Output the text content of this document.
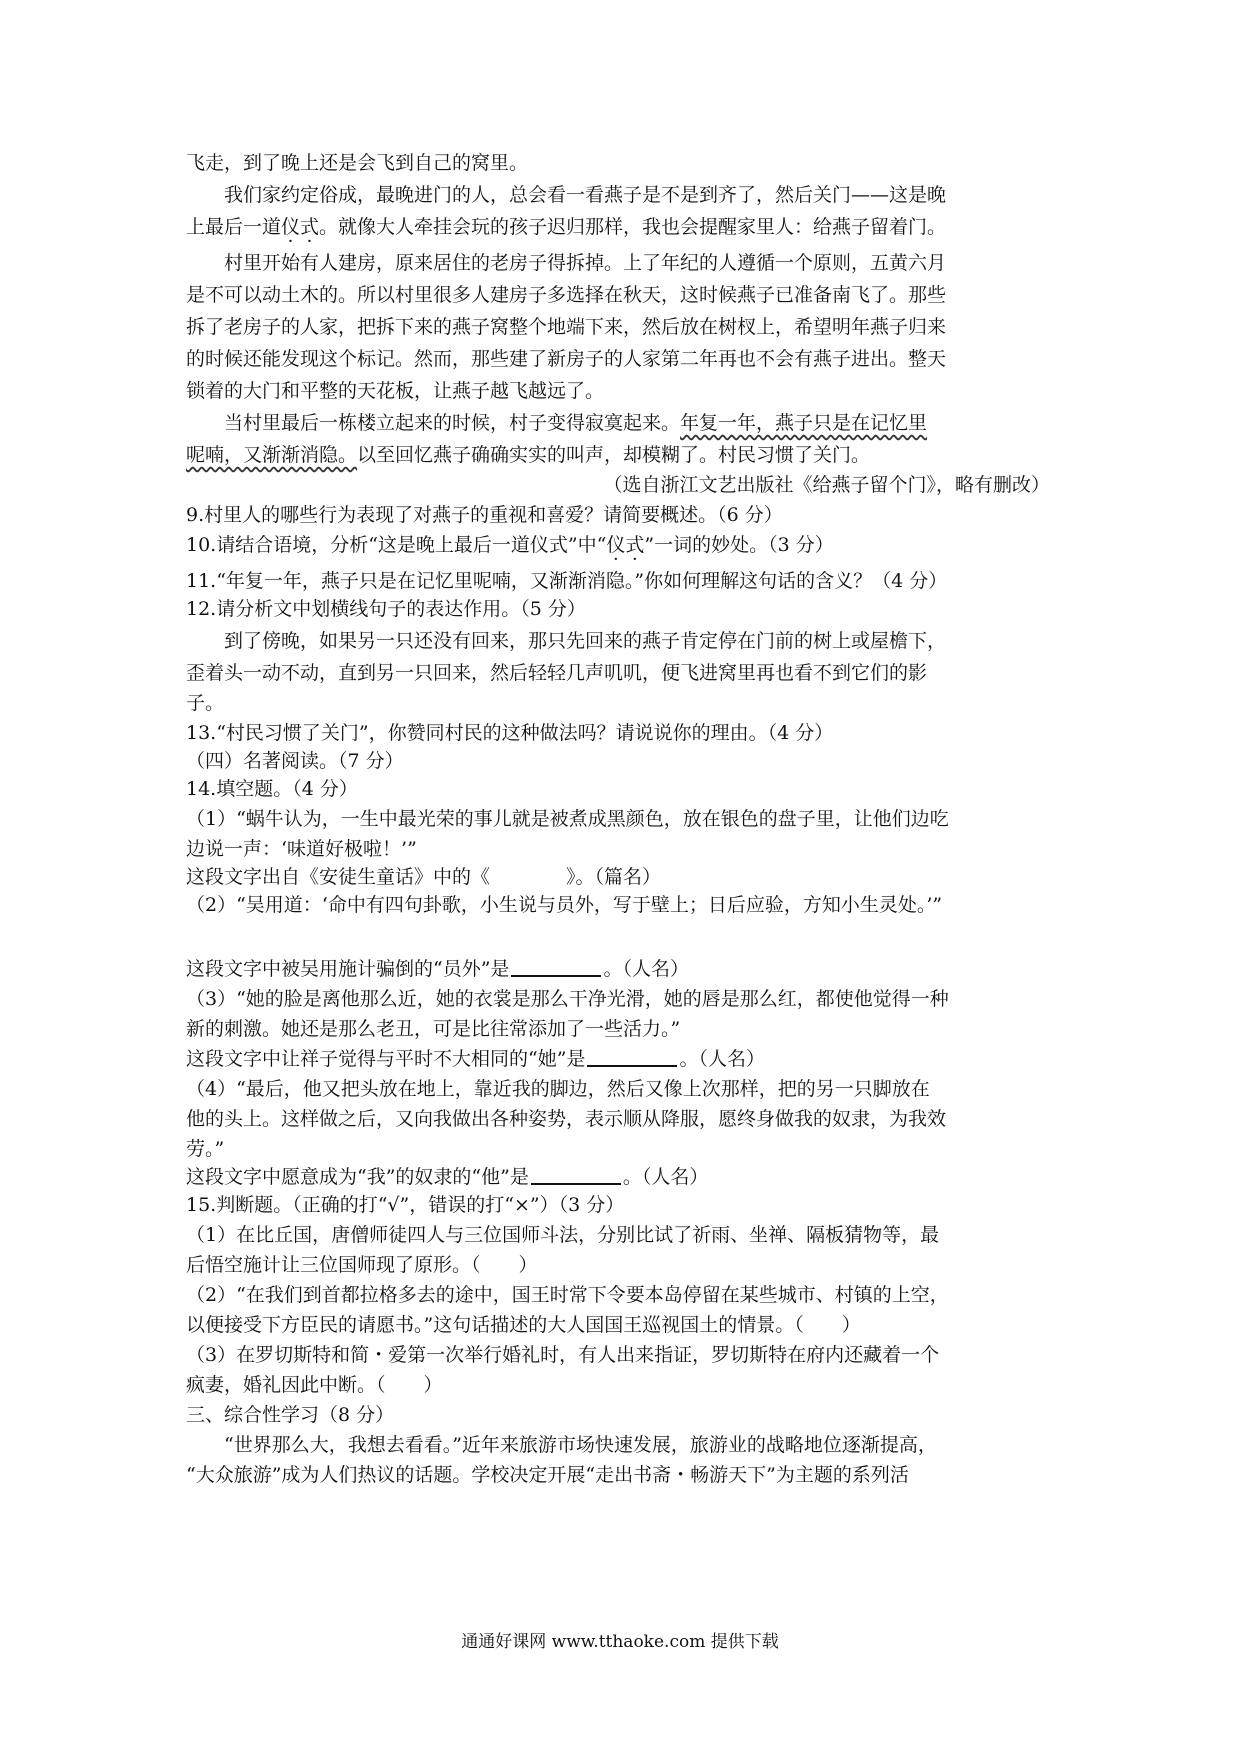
飞走，到了晚上还是会飞到自己的窝里。
我们家约定俗成，最晚进门的人，总会看一看燕子是不是到齐了，然后关门——这是晚
上最后一道仪式。就像大人牵挂会玩的孩子迟归那样，我也会提醒家里人：给燕子留着门。
村里开始有人建房，原来居住的老房子得拆掉。上了年纪的人遵循一个原则，五黄六月
是不可以动土木的。所以村里很多人建房子多选择在秋天，这时候燕子已准备南飞了。那些
拆了老房子的人家，把拆下来的燕子窝整个地端下来，然后放在树杈上，希望明年燕子归来
的时候还能发现这个标记。然而，那些建了新房子的人家第二年再也不会有燕子进出。整天
锁着的大门和平整的天花板，让燕子越飞越远了。
当村里最后一栋楼立起来的时候，村子变得寂寞起来。年复一年，燕子只是在记忆里
呢喃，又渐渐消隐。以至回忆燕子确确实实的叫声，却模糊了。村民习惯了关门。
（选自浙江文艺出版社《给燕子留个门》，略有删改）
9.村里人的哪些行为表现了对燕子的重视和喜爱？请简要概述。（6 分）
10.请结合语境，分析“这是晚上最后一道仪式”中“仪式”一词的妙处。（3 分）
11.“年复一年，燕子只是在记忆里呢喃，又渐渐消隐。”你如何理解这句话的含义？（4 分）
12.请分析文中划横线句子的表达作用。（5 分）
到了傍晚，如果另一只还没有回来，那只先回来的燕子肯定停在门前的树上或屋檐下，
歪着头一动不动，直到另一只回来，然后轻轻几声叽叽，便飞进窝里再也看不到它们的影
子。
13.“村民习惯了关门”，你赞同村民的这种做法吗？请说说你的理由。（4 分）
（四）名著阅读。（7 分）
14.填空题。（4 分）
（1）“蜗牛认为，一生中最光荣的事儿就是被煮成黑颜色，放在银色的盘子里，让他们边吃
边说一声：‘味道好极啦！’”
这段文字出自《安徒生童话》中的《　　　　》。（篇名）
（2）“吴用道：‘命中有四句卦歌，小生说与员外，写于壁上；日后应验，方知小生灵处。’”
这段文字中被吴用施计骗倒的“员外”是	。（人名）
（3）“她的脸是离他那么近，她的衣裳是那么干净光滑，她的唇是那么红，都使他觉得一种
新的刺激。她还是那么老丑，可是比往常添加了一些活力。”
这段文字中让祥子觉得与平时不大相同的“她”是	。（人名）
（4）“最后，他又把头放在地上，靠近我的脚边，然后又像上次那样，把的另一只脚放在
他的头上。这样做之后，又向我做出各种姿势，表示顺从降服，愿终身做我的奴隶，为我效
劳。”
这段文字中愿意成为“我”的奴隶的“他”是	。（人名）
15.判断题。（正确的打“√”，错误的打“×”）（3 分）
（1）在比丘国，唐僧师徒四人与三位国师斗法，分别比试了祈雨、坐禅、隔板猜物等，最
后悟空施计让三位国师现了原形。（　　）
（2）“在我们到首都拉格多去的途中，国王时常下令要本岛停留在某些城市、村镇的上空，
以便接受下方臣民的请愿书。”这句话描述的大人国国王巡视国土的情景。（　　）
（3）在罗切斯特和简・爱第一次举行婚礼时，有人出来指证，罗切斯特在府内还藏着一个
疯妻，婚礼因此中断。（　　）
三、综合性学习（8 分）
“世界那么大，我想去看看。”近年来旅游市场快速发展，旅游业的战略地位逐渐提高，
“大众旅游”成为人们热议的话题。学校决定开展“走出书斋・畅游天下”为主题的系列活
通通好课网 www.tthaoke.com 提供下载
